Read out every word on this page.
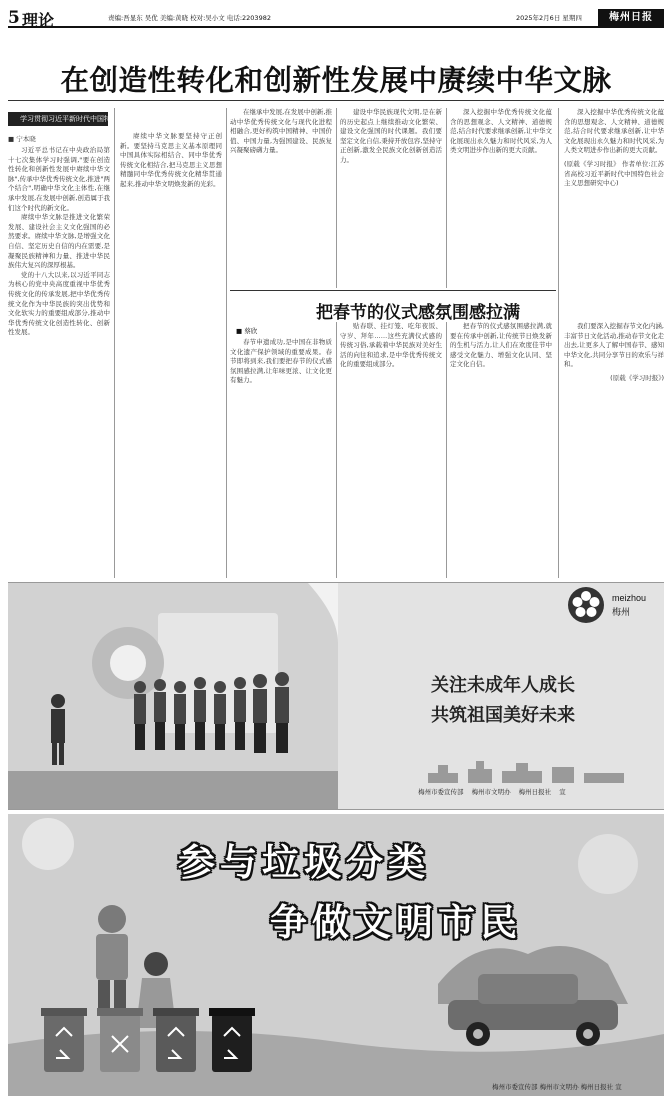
5 理论	责编:吾显东 吴优 美编:黄晓 校对:吴小文 电话:2203982	2025年2月6日 星期四	梅州日报
在创造性转化和创新性发展中赓续中华文脉
学习贯彻习近平新时代中国特色社会主义思想
■ 宁本晓

习近平总书记在中央政治局第十七次集体学习时强调,"要在创造性转化和创新性发展中赓续中华文脉",传承中华优秀传统文化,推进"两个结合",明确中华文化主体性,在继承中发展,在发展中创新,创造属于我们这个时代的新文化。

赓续中华文脉是推进文化繁荣发展、建设社会主义文化强国的必然要求。赓续中华文脉,是增强文化自信、坚定历史自信的内在需要,是凝聚民族精神和力量、推进中华民族伟大复兴的深厚根基。

党的十八大以来,以习近平同志为核心的党中央高度重视中华优秀传统文化的传承发展,把中华优秀传统文化作为中华民族的突出优势和文化软实力的重要组成部分,推动中华优秀传统文化创造性转化、创新性发展。

赓续中华文脉要坚持守正创新。要坚持马克思主义基本原理同中国具体实际相结合、同中华优秀传统文化相结合,把马克思主义思想精髓同中华优秀传统文化精华贯通起来,推动中华文明焕发新的光彩。

在继承中发展,在发展中创新,推动中华优秀传统文化与现代化进程相融合,更好构筑中国精神、中国价值、中国力量,为强国建设、民族复兴凝聚磅礴力量。

建设中华民族现代文明,是在新的历史起点上继续推动文化繁荣、建设文化强国的时代课题。我们要坚定文化自信,秉持开放包容,坚持守正创新,激发全民族文化创新创造活力。

深入挖掘中华优秀传统文化蕴含的思想观念、人文精神、道德规范,结合时代要求继承创新,让中华文化展现出永久魅力和时代风采,为人类文明进步作出新的更大贡献。

深入挖掘中华优秀传统文化蕴含的思想观念、人文精神、道德规范,结合时代要求继承创新,让中华文化展现出永久魅力和时代风采,为人类文明进步作出新的更大贡献。

(原载《学习时报》 作者单位:江苏省高校习近平新时代中国特色社会主义思想研究中心)

把春节的仪式感氛围感拉满
■ 蔡欣

春节申遗成功,是中国在非物质文化遗产保护领域的重要成果。春节即将到来,我们要把春节的仪式感氛围感拉满,让年味更浓、让文化更有魅力。

贴春联、挂灯笼、吃年夜饭、守岁、拜年……这些充满仪式感的传统习俗,承载着中华民族对美好生活的向往和追求,是中华优秀传统文化的重要组成部分。

把春节的仪式感氛围感拉满,就要在传承中创新,让传统节日焕发新的生机与活力,让人们在欢度佳节中感受文化魅力、增强文化认同、坚定文化自信。

我们要深入挖掘春节文化内涵,丰富节日文化活动,推动春节文化走出去,让更多人了解中国春节、感知中华文化,共同分享节日的欢乐与祥和。

(原载《学习时报》)

meizhou
梅州
关注未成年人成长
共筑祖国美好未来
梅州市委宣传部 梅州市文明办 梅州日报社 宣
参与垃圾分类
争做文明市民
梅州市委宣传部 梅州市文明办 梅州日报社 宣
